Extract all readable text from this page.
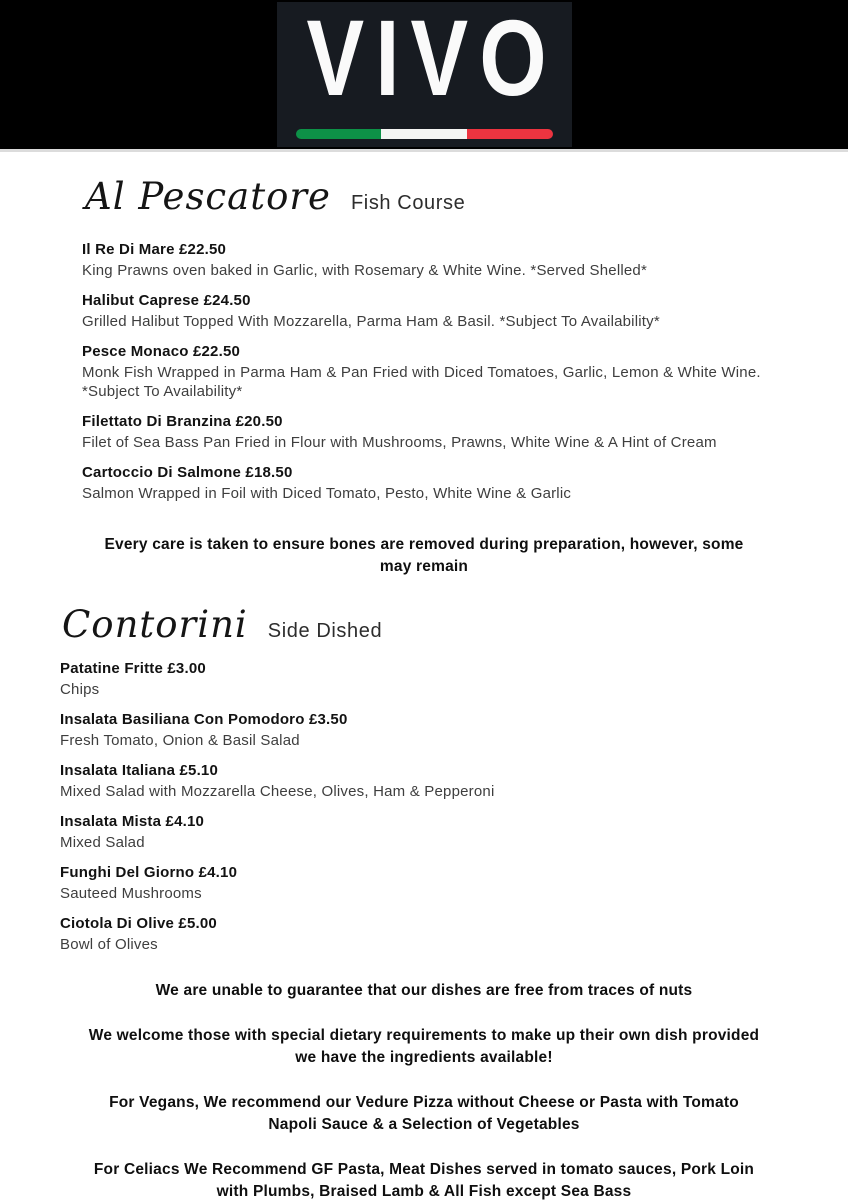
VIVO
Al Pescatore Fish Course
Il Re Di Mare £22.50
King Prawns oven baked in Garlic, with Rosemary & White Wine. *Served Shelled*
Halibut Caprese £24.50
Grilled Halibut Topped With Mozzarella, Parma Ham & Basil. *Subject To Availability*
Pesce Monaco £22.50
Monk Fish Wrapped in Parma Ham & Pan Fried with Diced Tomatoes, Garlic, Lemon & White Wine. *Subject To Availability*
Filettato Di Branzina £20.50
Filet of Sea Bass Pan Fried in Flour with Mushrooms, Prawns, White Wine & A Hint of Cream
Cartoccio Di Salmone £18.50
Salmon Wrapped in Foil with Diced Tomato, Pesto, White Wine & Garlic
Every care is taken to ensure bones are removed during preparation, however, some
may remain
Contorini Side Dished
Patatine Fritte £3.00
Chips
Insalata Basiliana Con Pomodoro £3.50
Fresh Tomato, Onion & Basil Salad
Insalata Italiana £5.10
Mixed Salad with Mozzarella Cheese, Olives, Ham & Pepperoni
Insalata Mista £4.10
Mixed Salad
Funghi Del Giorno £4.10
Sauteed Mushrooms
Ciotola Di Olive £5.00
Bowl of Olives
We are unable to guarantee that our dishes are free from traces of nuts
We welcome those with special dietary requirements to make up their own dish provided
we have the ingredients available!
For Vegans, We recommend our Vedure Pizza without Cheese or Pasta with Tomato
Napoli Sauce & a Selection of Vegetables
For Celiacs We Recommend GF Pasta, Meat Dishes served in tomato sauces, Pork Loin
with Plumbs, Braised Lamb & All Fish except Sea Bass
